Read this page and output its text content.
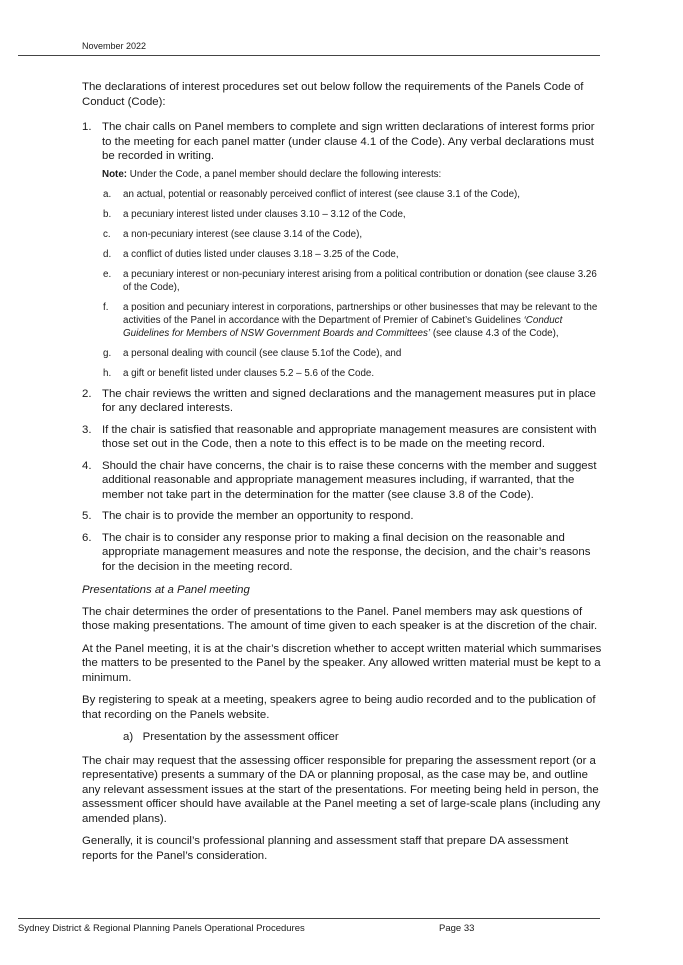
November 2022

The declarations of interest procedures set out below follow the requirements of the Panels Code of Conduct (Code):

1. The chair calls on Panel members to complete and sign written declarations of interest forms prior to the meeting for each panel matter (under clause 4.1 of the Code). Any verbal declarations must be recorded in writing.

Note: Under the Code, a panel member should declare the following interests:

a. an actual, potential or reasonably perceived conflict of interest (see clause 3.1 of the Code),
b. a pecuniary interest listed under clauses 3.10 – 3.12 of the Code,
c. a non-pecuniary interest (see clause 3.14 of the Code),
d. a conflict of duties listed under clauses 3.18 – 3.25 of the Code,
e. a pecuniary interest or non-pecuniary interest arising from a political contribution or donation (see clause 3.26 of the Code),
f. a position and pecuniary interest in corporations, partnerships or other businesses that may be relevant to the activities of the Panel in accordance with the Department of Premier of Cabinet’s Guidelines ‘Conduct Guidelines for Members of NSW Government Boards and Committees’ (see clause 4.3 of the Code),
g. a personal dealing with council (see clause 5.1of the Code), and
h. a gift or benefit listed under clauses 5.2 – 5.6 of the Code.
2. The chair reviews the written and signed declarations and the management measures put in place for any declared interests.

3. If the chair is satisfied that reasonable and appropriate management measures are consistent with those set out in the Code, then a note to this effect is to be made on the meeting record.

4. Should the chair have concerns, the chair is to raise these concerns with the member and suggest additional reasonable and appropriate management measures including, if warranted, that the member not take part in the determination for the matter (see clause 3.8 of the Code).

5. The chair is to provide the member an opportunity to respond.

6. The chair is to consider any response prior to making a final decision on the reasonable and appropriate management measures and note the response, the decision, and the chair’s reasons for the decision in the meeting record.

Presentations at a Panel meeting

The chair determines the order of presentations to the Panel. Panel members may ask questions of those making presentations. The amount of time given to each speaker is at the discretion of the chair.

At the Panel meeting, it is at the chair’s discretion whether to accept written material which summarises the matters to be presented to the Panel by the speaker. Any allowed written material must be kept to a minimum.

By registering to speak at a meeting, speakers agree to being audio recorded and to the publication of that recording on the Panels website.

a)   Presentation by the assessment officer

The chair may request that the assessing officer responsible for preparing the assessment report (or a representative) presents a summary of the DA or planning proposal, as the case may be, and outline any relevant assessment issues at the start of the presentations. For meeting being held in person, the assessment officer should have available at the Panel meeting a set of large-scale plans (including any amended plans).

Generally, it is council’s professional planning and assessment staff that prepare DA assessment reports for the Panel’s consideration.

Sydney District & Regional Planning Panels Operational Procedures	Page 33
